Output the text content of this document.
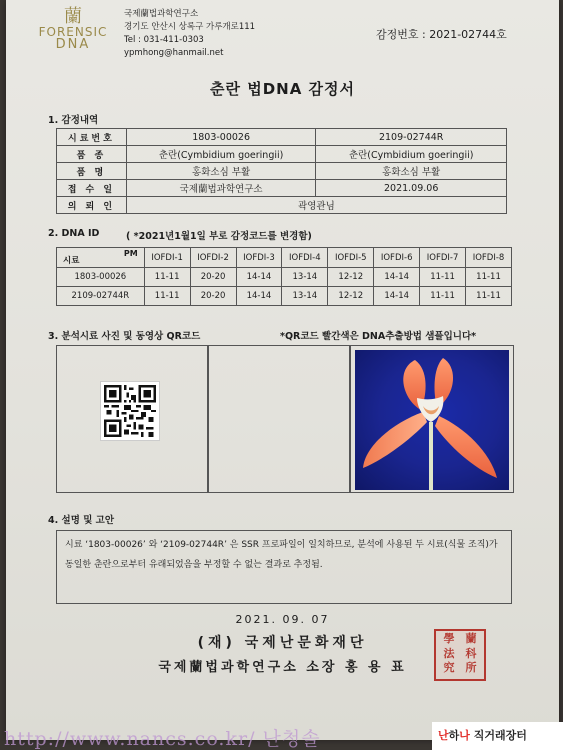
蘭
FORENSIC
DNA
국제蘭법과학연구소
경기도 안산시 상록구 가루개로111
Tel : 031-411-0303
ypmhong@hanmail.net
감정번호 : 2021-02744호
춘란 법DNA 감정서
1. 감정내역
시료번호	1803-00026	2109-02744R
품 종	춘란(Cymbidium goeringii)	춘란(Cymbidium goeringii)
품 명	홍화소심 부활	홍화소심 부활
접 수 일	국제蘭법과학연구소	2021.09.06
의 뢰 인	곽영관님	
2. DNA ID	( *2021년1월1일 부로 감정코드를 변경함)
PM
시료	IOFDI-1	IOFDI-2	IOFDI-3	IOFDI-4	IOFDI-5	IOFDI-6	IOFDI-7	IOFDI-8
1803-00026	11-11	20-20	14-14	13-14	12-12	14-14	11-11	11-11
2109-02744R	11-11	20-20	14-14	13-14	12-12	14-14	11-11	11-11
3. 분석시료 사진 및 동영상 QR코드	*QR코드 빨간색은 DNA추출방법 샘플입니다*
4. 설명 및 고안
시료 ‘1803-00026’ 와 ‘2109-02744R’ 은 SSR 프로파일이 일치하므로, 분석에 사용된 두 시료(식물 조직)가 동일한 춘란으로부터 유래되었음을 부정할 수 없는 결과로 추정됨.
2021. 09. 07
(재) 국제난문화재단
국제蘭법과학연구소 소장 홍 용 표
學	蘭
法	科
究	所
http://www.nancs.co.kr/ 난청솔	난하나 직거래장터
